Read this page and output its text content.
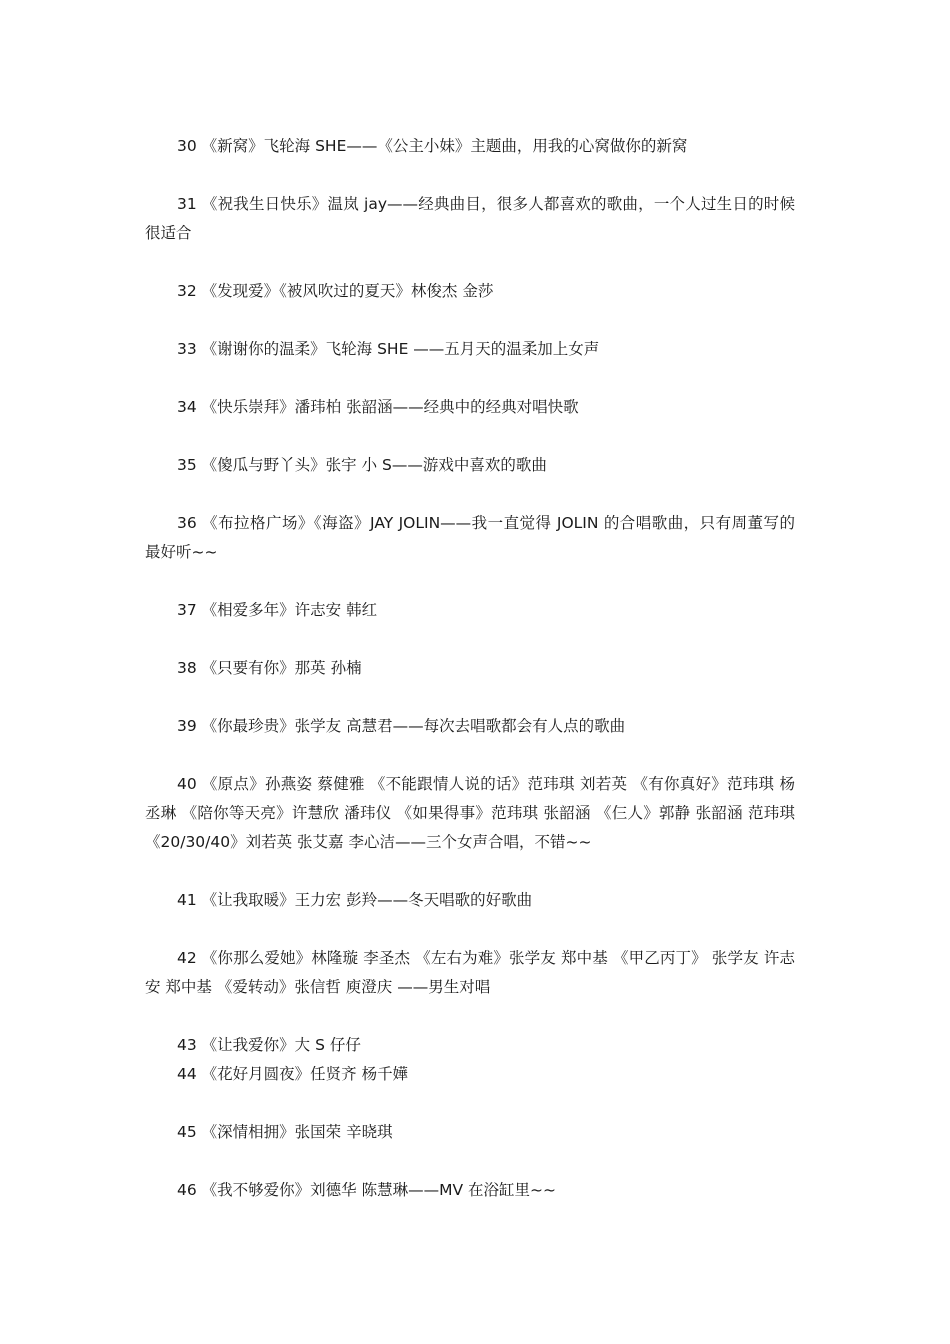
30 《新窝》飞轮海 SHE——《公主小妹》主题曲，用我的心窝做你的新窝

31 《祝我生日快乐》温岚 jay——经典曲目，很多人都喜欢的歌曲，一个人过生日的时候很适合

32 《发现爱》《被风吹过的夏天》林俊杰 金莎

33 《谢谢你的温柔》飞轮海 SHE ——五月天的温柔加上女声

34 《快乐崇拜》潘玮柏 张韶涵——经典中的经典对唱快歌

35 《傻瓜与野丫头》张宇 小 S——游戏中喜欢的歌曲

36 《布拉格广场》《海盗》JAY JOLIN——我一直觉得 JOLIN 的合唱歌曲，只有周董写的最好听~~

37 《相爱多年》许志安 韩红

38 《只要有你》那英 孙楠

39 《你最珍贵》张学友 高慧君——每次去唱歌都会有人点的歌曲

40 《原点》孙燕姿 蔡健雅 《不能跟情人说的话》范玮琪 刘若英 《有你真好》范玮琪 杨丞琳 《陪你等天亮》许慧欣 潘玮仪 《如果得事》范玮琪 张韶涵 《仨人》郭静 张韶涵 范玮琪 《20/30/40》刘若英 张艾嘉 李心洁——三个女声合唱，不错~~

41 《让我取暖》王力宏 彭羚——冬天唱歌的好歌曲

42 《你那么爱她》林隆璇 李圣杰 《左右为难》张学友 郑中基 《甲乙丙丁》 张学友 许志安 郑中基 《爱转动》张信哲 庾澄庆 ——男生对唱

43 《让我爱你》大 S 仔仔

44 《花好月圆夜》任贤齐 杨千嬅

45 《深情相拥》张国荣 辛晓琪

46 《我不够爱你》刘德华 陈慧琳——MV 在浴缸里~~
